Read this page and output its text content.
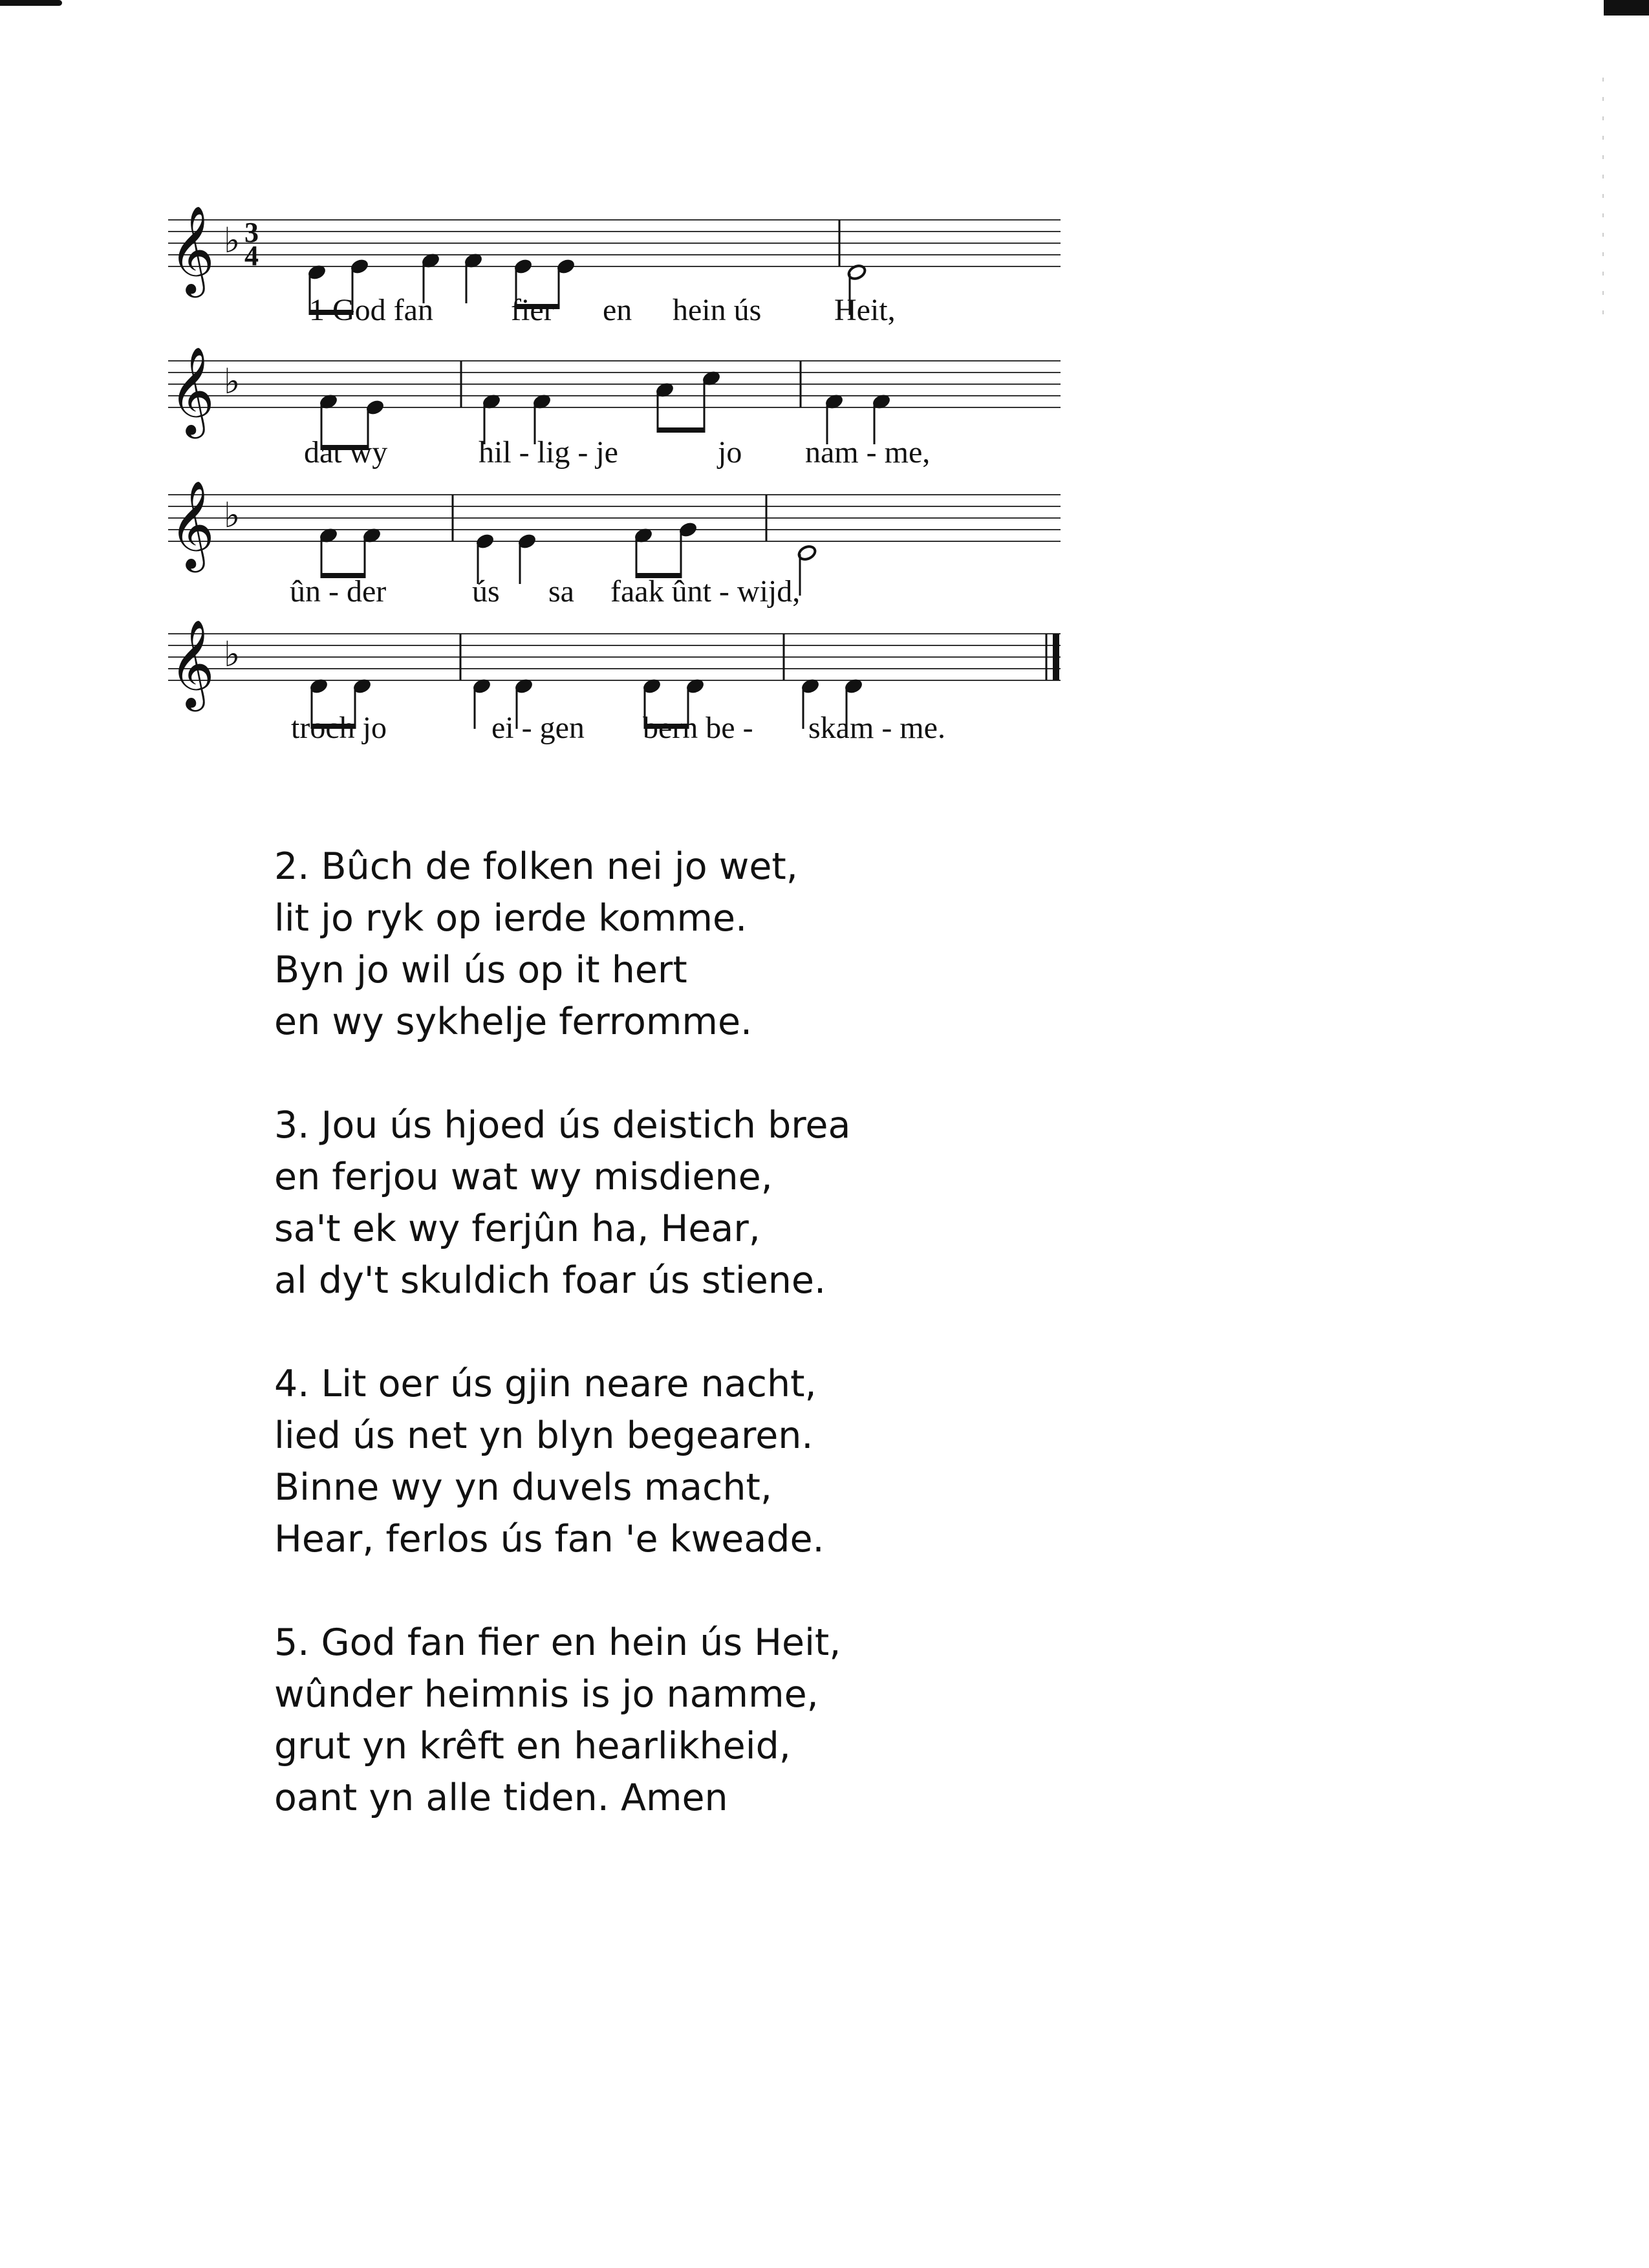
𝄞 ♭ 3
4
1 God fan	fier en hein ús Heit,
𝄞 ♭
dat wy	hil - lig - je	jo nam - me,
𝄞 ♭
ûn - der	ús sa faak ûnt - wijd,
𝄞 ♭
troch jo	ei - gen bern be - skam - me.
2. Bûch de folken nei jo wet,
lit jo ryk op ierde komme.
Byn jo wil ús op it hert
en wy sykhelje ferromme.
3. Jou ús hjoed ús deistich brea
en ferjou wat wy misdiene,
sa't ek wy ferjûn ha, Hear,
al dy't skuldich foar ús stiene.
4. Lit oer ús gjin neare nacht,
lied ús net yn blyn begearen.
Binne wy yn duvels macht,
Hear, ferlos ús fan 'e kweade.
5. God fan fier en hein ús Heit,
wûnder heimnis is jo namme,
grut yn krêft en hearlikheid,
oant yn alle tiden. Amen
